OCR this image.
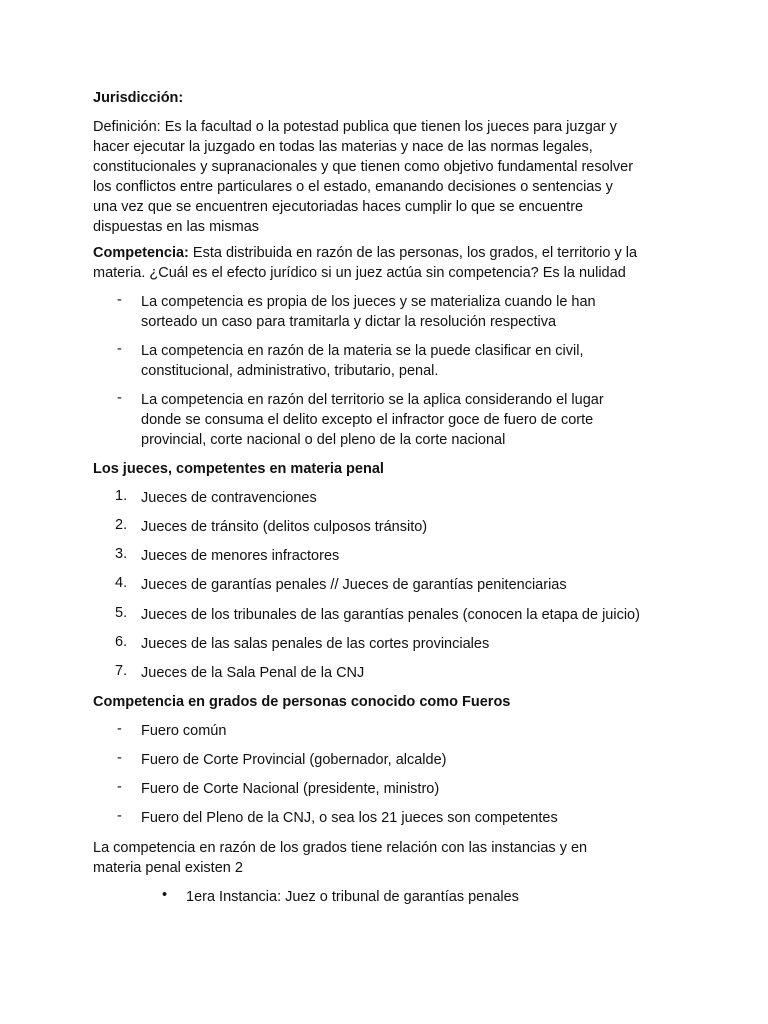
Jurisdicción:
Definición: Es la facultad o la potestad publica que tienen los jueces para juzgar y
hacer ejecutar la juzgado en todas las materias y nace de las normas legales,
constitucionales y supranacionales y que tienen como objetivo fundamental resolver
los conflictos entre particulares o el estado, emanando decisiones o sentencias y
una vez que se encuentren ejecutoriadas haces cumplir lo que se encuentre
dispuestas en las mismas
Competencia: Esta distribuida en razón de las personas, los grados, el territorio y la
materia. ¿Cuál es el efecto jurídico si un juez actúa sin competencia? Es la nulidad
- La competencia es propia de los jueces y se materializa cuando le han
sorteado un caso para tramitarla y dictar la resolución respectiva
- La competencia en razón de la materia se la puede clasificar en civil,
constitucional, administrativo, tributario, penal.
- La competencia en razón del territorio se la aplica considerando el lugar
donde se consuma el delito excepto el infractor goce de fuero de corte
provincial, corte nacional o del pleno de la corte nacional
Los jueces, competentes en materia penal
1. Jueces de contravenciones
2. Jueces de tránsito (delitos culposos tránsito)
3. Jueces de menores infractores
4. Jueces de garantías penales // Jueces de garantías penitenciarias
5. Jueces de los tribunales de las garantías penales (conocen la etapa de juicio)
6. Jueces de las salas penales de las cortes provinciales
7. Jueces de la Sala Penal de la CNJ
Competencia en grados de personas conocido como Fueros
- Fuero común
- Fuero de Corte Provincial (gobernador, alcalde)
- Fuero de Corte Nacional (presidente, ministro)
- Fuero del Pleno de la CNJ, o sea los 21 jueces son competentes
La competencia en razón de los grados tiene relación con las instancias y en
materia penal existen 2
• 1era Instancia: Juez o tribunal de garantías penales
